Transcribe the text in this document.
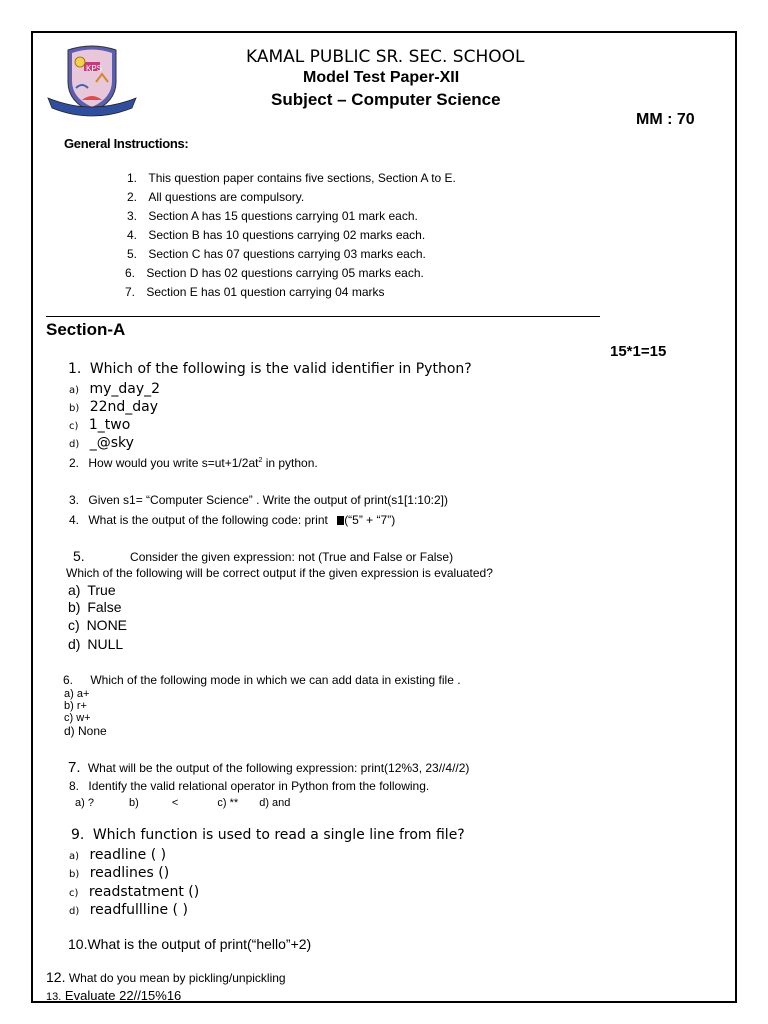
KPS
KAMAL PUBLIC SR. SEC. SCHOOL
Model Test Paper-XII
Subject – Computer Science
MM : 70
General Instructions:
1. This question paper contains five sections, Section A to E.
2. All questions are compulsory.
3. Section A has 15 questions carrying 01 mark each.
4. Section B has 10 questions carrying 02 marks each.
5. Section C has 07 questions carrying 03 marks each.
6. Section D has 02 questions carrying 05 marks each.
7. Section E has 01 question carrying 04 marks
Section-A
15*1=15
1. Which of the following is the valid identifier in Python?
a) my_day_2
b) 22nd_day
c) 1_two
d) _@sky
2. How would you write $s=ut+1/2at^2$ in python.
3. Given s1= “Computer Science” . Write the output of print(s1[1:10:2])
4. What is the output of the following code: print (“5” + “7”)
5.	Consider the given expression: not (True and False or False)
Which of the following will be correct output if the given expression is evaluated?
a) True
b) False
c) NONE
d) NULL
6. Which of the following mode in which we can add data in existing file .
a) a+
b) r+
c) w+
d) None
7. What will be the output of the following expression: print(12%3, 23//4//2)
8. Identify the valid relational operator in Python from the following.
a) ?	b)	<	c) ** d) and
9. Which function is used to read a single line from file?
a) readline ( )
b) readlines ()
c) readstatment ()
d) readfullline ( )
10.What is the output of print(“hello”+2)
12. What do you mean by pickling/unpickling
13. Evaluate 22//15%16
